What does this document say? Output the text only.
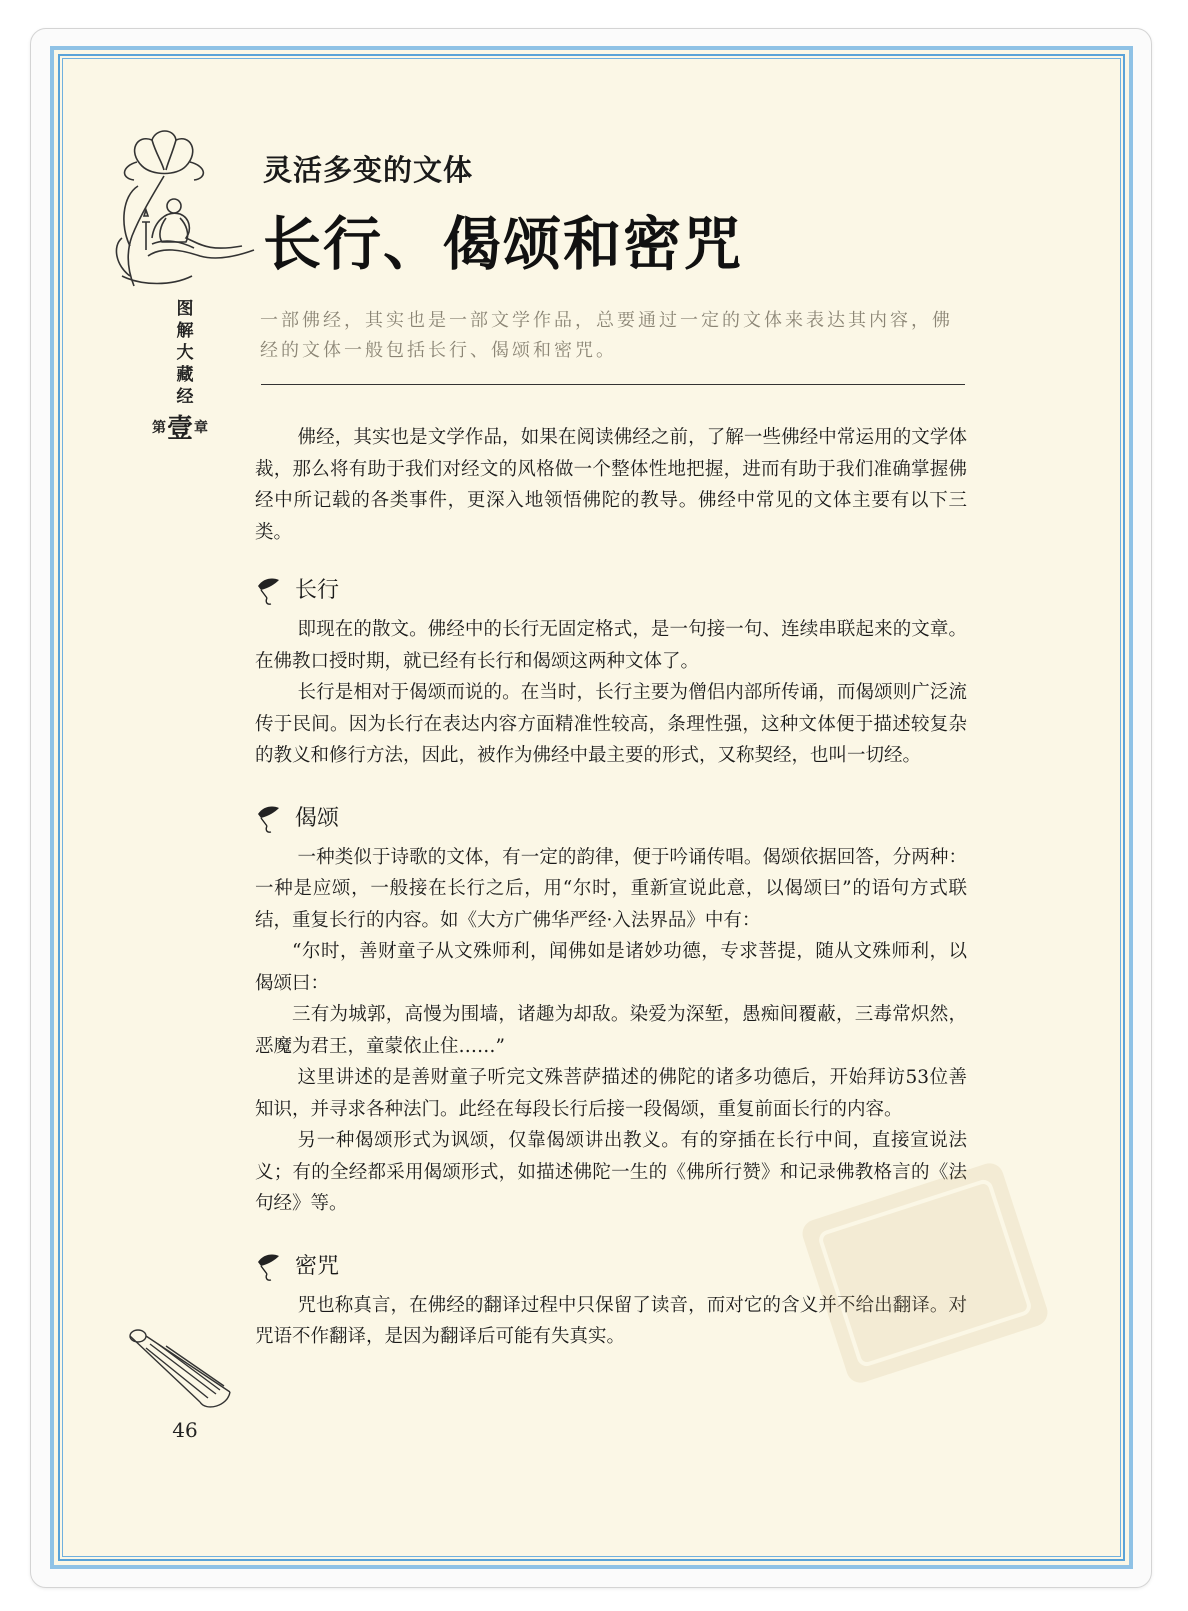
图解大藏经
第 壹 章
灵活多变的文体
长行、偈颂和密咒
一部佛经，其实也是一部文学作品，总要通过一定的文体来表达其内容，佛经的文体一般包括长行、偈颂和密咒。

佛经，其实也是文学作品，如果在阅读佛经之前，了解一些佛经中常运用的文学体裁，那么将有助于我们对经文的风格做一个整体性地把握，进而有助于我们准确掌握佛经中所记载的各类事件，更深入地领悟佛陀的教导。佛经中常见的文体主要有以下三类。

长行

即现在的散文。佛经中的长行无固定格式，是一句接一句、连续串联起来的文章。在佛教口授时期，就已经有长行和偈颂这两种文体了。

长行是相对于偈颂而说的。在当时，长行主要为僧侣内部所传诵，而偈颂则广泛流传于民间。因为长行在表达内容方面精准性较高，条理性强，这种文体便于描述较复杂的教义和修行方法，因此，被作为佛经中最主要的形式，又称契经，也叫一切经。

偈颂

一种类似于诗歌的文体，有一定的韵律，便于吟诵传唱。偈颂依据回答，分两种：一种是应颂，一般接在长行之后，用“尔时，重新宣说此意，以偈颂曰”的语句方式联结，重复长行的内容。如《大方广佛华严经·入法界品》中有：

“尔时，善财童子从文殊师利，闻佛如是诸妙功德，专求菩提，随从文殊师利，以偈颂曰：

三有为城郭，高慢为围墙，诸趣为却敌。染爱为深堑，愚痴间覆蔽，三毒常炽然，恶魔为君王，童蒙依止住……”

这里讲述的是善财童子听完文殊菩萨描述的佛陀的诸多功德后，开始拜访53位善知识，并寻求各种法门。此经在每段长行后接一段偈颂，重复前面长行的内容。

另一种偈颂形式为讽颂，仅靠偈颂讲出教义。有的穿插在长行中间，直接宣说法义；有的全经都采用偈颂形式，如描述佛陀一生的《佛所行赞》和记录佛教格言的《法句经》等。

密咒

咒也称真言，在佛经的翻译过程中只保留了读音，而对它的含义并不给出翻译。对咒语不作翻译，是因为翻译后可能有失真实。

46
